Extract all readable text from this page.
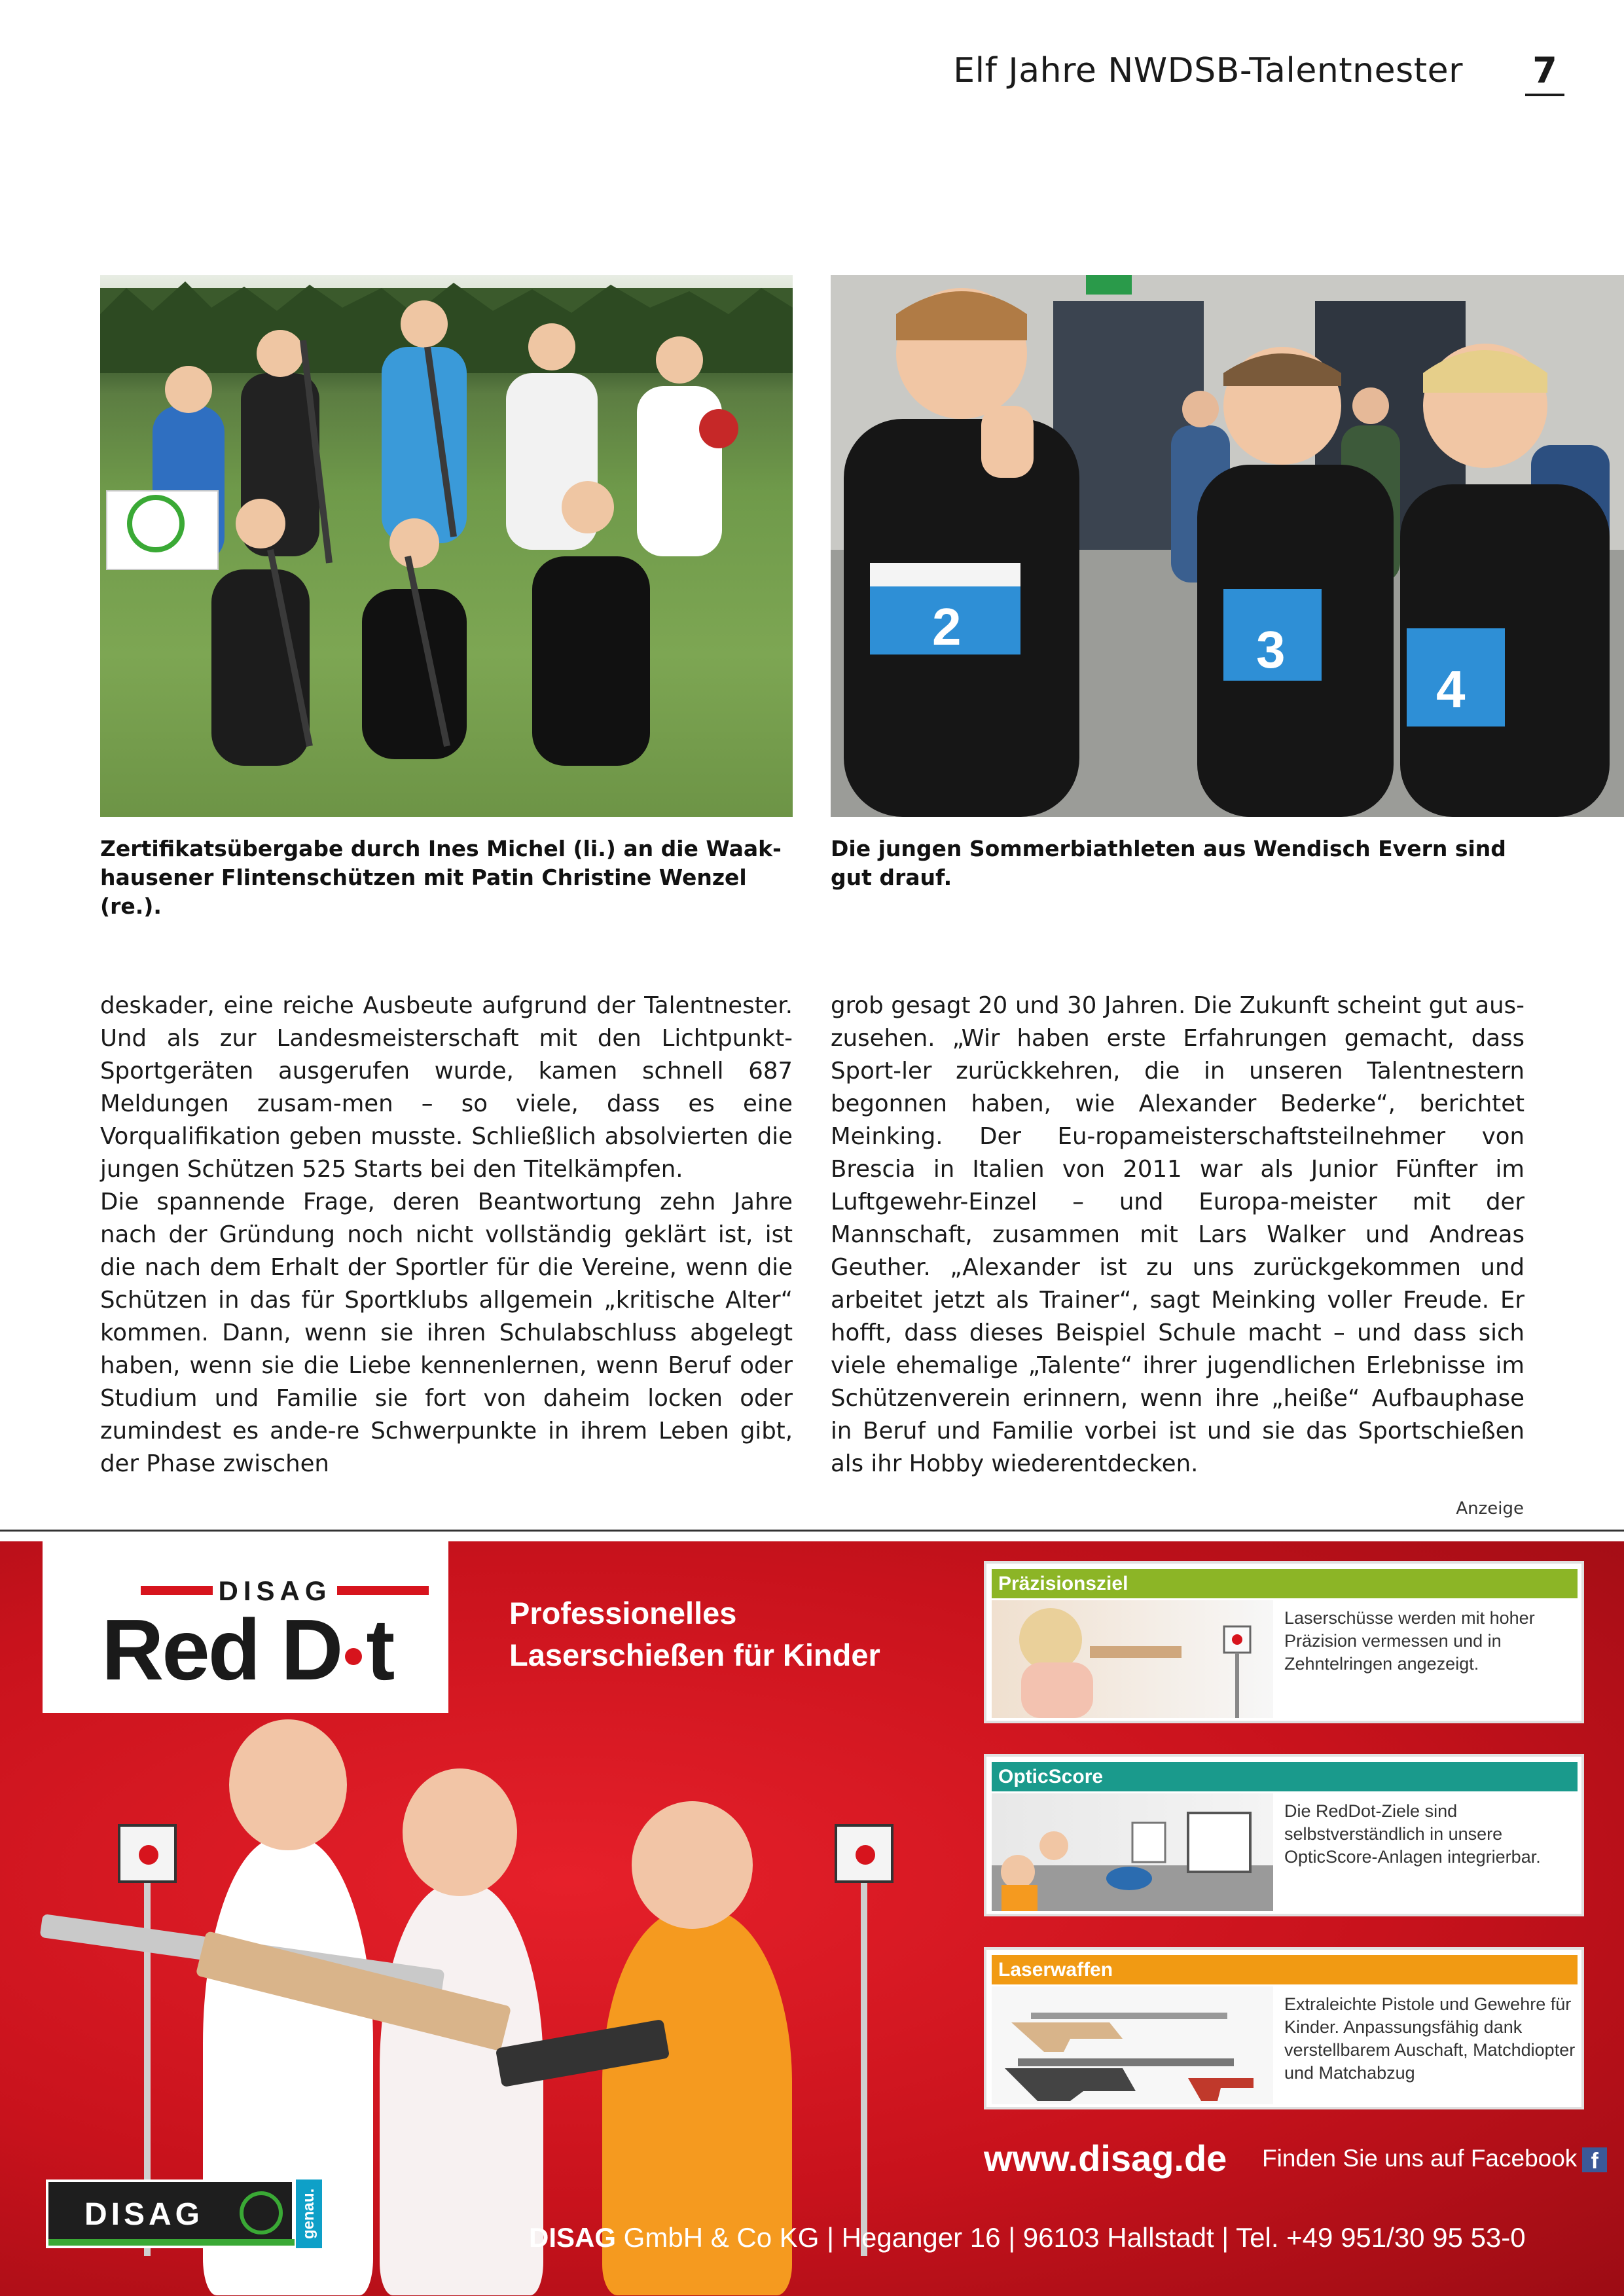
Elf Jahre NWDSB-Talentnester 7
2	3
4
Zertifikatsübergabe durch Ines Michel (li.) an die Waak-hausener Flintenschützen mit Patin Christine Wenzel (re.).
Die jungen Sommerbiathleten aus Wendisch Evern sind gut drauf.

deskader, eine reiche Ausbeute aufgrund der Talentnester. Und als zur Landesmeisterschaft mit den Lichtpunkt-Sportgeräten ausgerufen wurde, kamen schnell 687 Meldungen zusam-men – so viele, dass es eine Vorqualifikation geben musste. Schließlich absolvierten die jungen Schützen 525 Starts bei den Titelkämpfen.

Die spannende Frage, deren Beantwortung zehn Jahre nach der Gründung noch nicht vollständig geklärt ist, ist die nach dem Erhalt der Sportler für die Vereine, wenn die Schützen in das für Sportklubs allgemein „kritische Alter“ kommen. Dann, wenn sie ihren Schulabschluss abgelegt haben, wenn sie die Liebe kennenlernen, wenn Beruf oder Studium und Familie sie fort von daheim locken oder zumindest es ande-re Schwerpunkte in ihrem Leben gibt, der Phase zwischen

grob gesagt 20 und 30 Jahren. Die Zukunft scheint gut aus-zusehen. „Wir haben erste Erfahrungen gemacht, dass Sport-ler zurückkehren, die in unseren Talentnestern begonnen haben, wie Alexander Bederke“, berichtet Meinking. Der Eu-ropameisterschaftsteilnehmer von Brescia in Italien von 2011 war als Junior Fünfter im Luftgewehr-Einzel – und Europa-meister mit der Mannschaft, zusammen mit Lars Walker und Andreas Geuther. „Alexander ist zu uns zurückgekommen und arbeitet jetzt als Trainer“, sagt Meinking voller Freude. Er hofft, dass dieses Beispiel Schule macht – und dass sich viele ehemalige „Talente“ ihrer jugendlichen Erlebnisse im Schützenverein erinnern, wenn ihre „heiße“ Aufbauphase in Beruf und Familie vorbei ist und sie das Sportschießen als ihr Hobby wiederentdecken.

Anzeige
DISAG
Red D t	Professionelles
Laserschießen für Kinder
Präzisionsziel
Laserschüsse werden mit hoher Präzision vermessen und in Zehntelringen angezeigt.
OpticScore
Die RedDot-Ziele sind selbstverständlich in unsere OpticScore-Anlagen integrierbar.
Laserwaffen
Extraleichte Pistole und Gewehre für Kinder. Anpassungsfähig dank verstellbarem Auschaft, Matchdiopter und Matchabzug
www.disag.de Finden Sie uns auf Facebook f
DISAG	genau.	DISAG GmbH & Co KG | Heganger 16 | 96103 Hallstadt | Tel. +49 951/30 95 53-0
